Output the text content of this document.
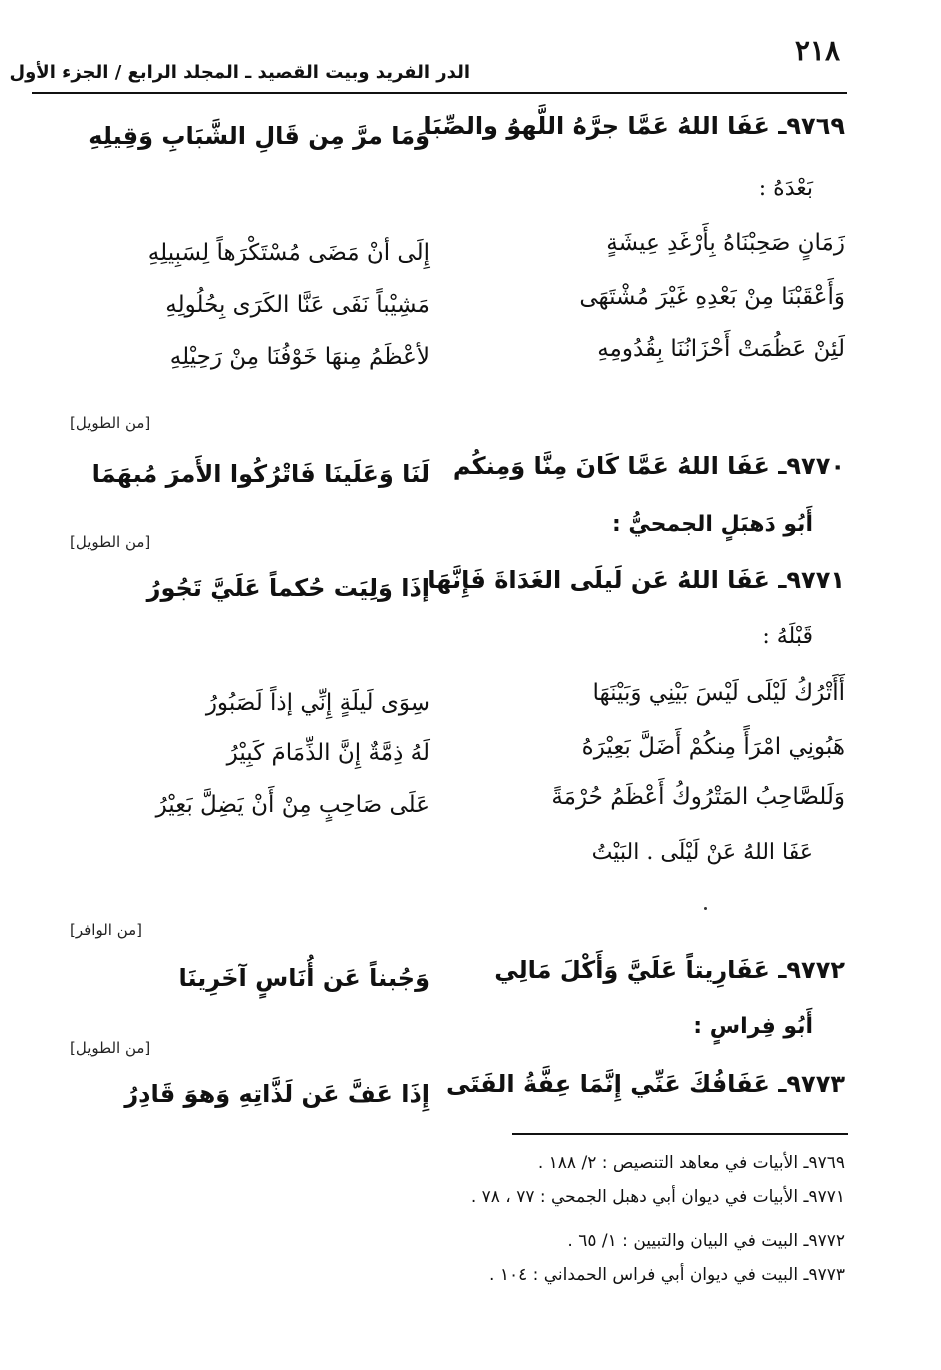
٢١٨
الدر الفريد وبيت القصيد ـ المجلد الرابع / الجزء الأول
٩٧٦٩ـ عَفَا اللهُ عَمَّا جرَّهُ اللَّهوُ والصِّبَا
وَمَا مرَّ مِن قَالِ الشَّبَابِ وَقِيلِهِ
بَعْدَهُ :
زَمَانٍ صَحِبْنَاهُ بِأَرْغَدِ عِيشَةٍ
إِلَى أنْ مَضَى مُسْتَكْرَهاً لِسَبِيلِهِ
وَأَعْقَبْنَا مِنْ بَعْدِهِ غَيْرَ مُشْتَهَى
مَشِيْباً نَفَى عَنَّا الكَرَى بِحُلُولِهِ
لَئِنْ عَظُمَتْ أَحْزَانُنَا بِقُدُومِهِ
لأعْظَمُ مِنهَا خَوْفُنَا مِنْ رَحِيْلِهِ
[من الطويل]
٩٧٧٠ـ عَفَا اللهُ عَمَّا كَانَ مِنَّا وَمِنكُم
لَنَا وَعَلَينَا فَاتْرُكُوا الأَمرَ مُبهَمَا
أَبُو دَهبَلٍ الجمحيُّ :
[من الطويل]
٩٧٧١ـ عَفَا اللهُ عَن لَيلَى الغَدَاةَ فَإِنَّهَا
إذَا وَلِيَت حُكماً عَلَيَّ تَجُورُ
قَبْلَهُ :
أَأَتْرُكُ لَيْلَى لَيْسَ بَيْنِي وَبَيْنَهَا
سِوَى لَيلَةٍ إِنِّي إذاً لَصَبُورُ
هَبُونِي امْرَأً مِنكُمْ أَضَلَّ بَعِيْرَهُ
لَهُ ذِمَّةٌ إِنَّ الذِّمَامَ كَبِيْرُ
وَلَلصَّاحِبُ المَتْرُوكُ أَعْظَمُ حُرْمَةً
عَلَى صَاحِبٍ مِنْ أَنْ يَضِلَّ بَعِيْرُ
عَفَا اللهُ عَنْ لَيْلَى . البَيْتُ
[من الوافر]
٩٧٧٢ـ عَفَارِيتاً عَلَيَّ وَأَكْلَ مَالِي
وَجُبناً عَن أُنَاسٍ آخَرِينَا
أَبُو فِراسٍ :
[من الطويل]
٩٧٧٣ـ عَفَافُكَ عَنِّي إِنَّمَا عِفَّةُ الفَتَى
إِذَا عَفَّ عَن لَذَّاتِهِ وَهوَ قَادِرُ
٩٧٦٩ـ الأبيات في معاهد التنصيص : ٢/ ١٨٨ .
٩٧٧١ـ الأبيات في ديوان أبي دهبل الجمحي : ٧٧ ، ٧٨ .
٩٧٧٢ـ البيت في البيان والتبيين : ١/ ٦٥ .
٩٧٧٣ـ البيت في ديوان أبي فراس الحمداني : ١٠٤ .
